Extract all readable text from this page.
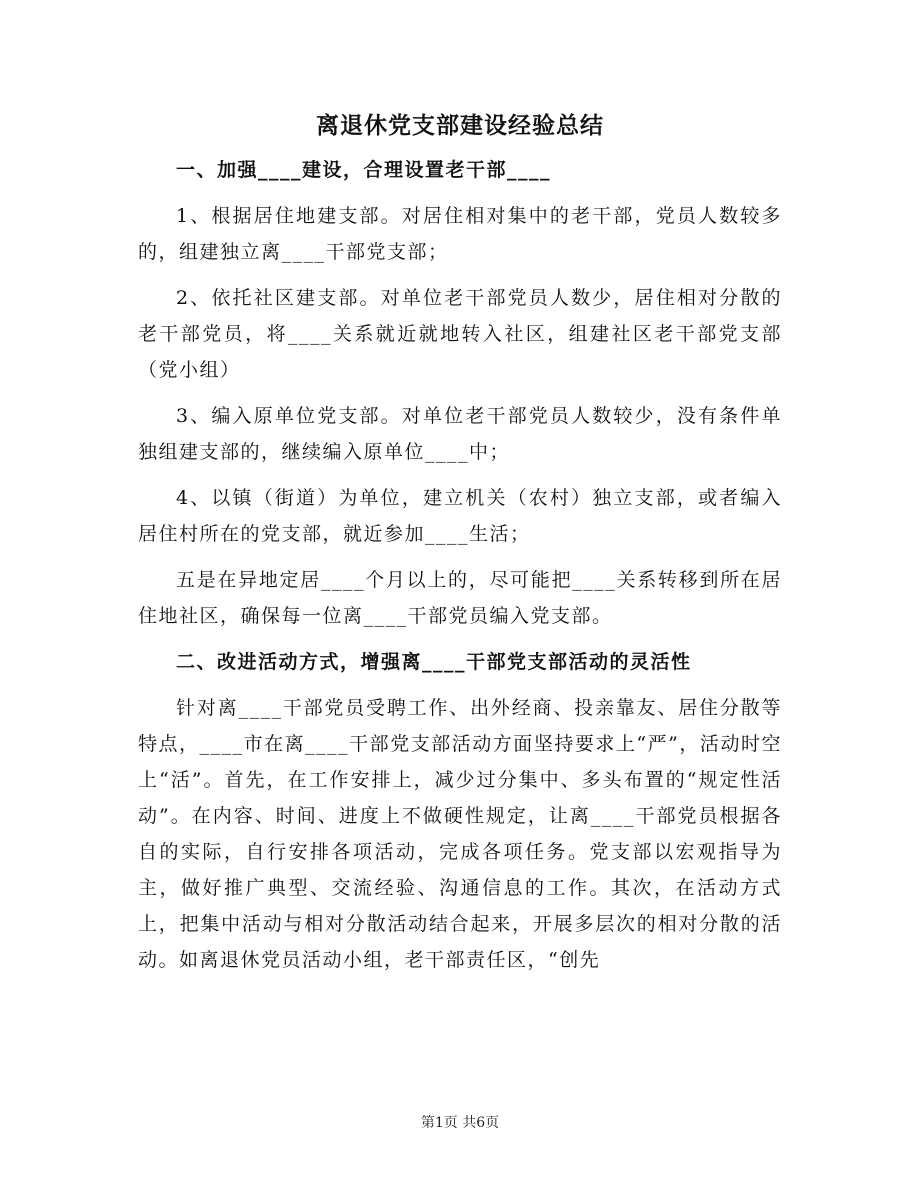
离退休党支部建设经验总结

一、加强____建设，合理设置老干部____

1、根据居住地建支部。对居住相对集中的老干部，党员人数较多的，组建独立离____干部党支部；

2、依托社区建支部。对单位老干部党员人数少，居住相对分散的老干部党员，将____关系就近就地转入社区，组建社区老干部党支部（党小组）

3、编入原单位党支部。对单位老干部党员人数较少，没有条件单独组建支部的，继续编入原单位____中；

4、以镇（街道）为单位，建立机关（农村）独立支部，或者编入居住村所在的党支部，就近参加____生活；

五是在异地定居____个月以上的，尽可能把____关系转移到所在居住地社区，确保每一位离____干部党员编入党支部。

二、改进活动方式，增强离____干部党支部活动的灵活性

针对离____干部党员受聘工作、出外经商、投亲靠友、居住分散等特点，____市在离____干部党支部活动方面坚持要求上“严”，活动时空上“活”。首先，在工作安排上，减少过分集中、多头布置的“规定性活动”。在内容、时间、进度上不做硬性规定，让离____干部党员根据各自的实际，自行安排各项活动，完成各项任务。党支部以宏观指导为主，做好推广典型、交流经验、沟通信息的工作。其次，在活动方式上，把集中活动与相对分散活动结合起来，开展多层次的相对分散的活动。如离退休党员活动小组，老干部责任区，“创先

第1页 共6页
